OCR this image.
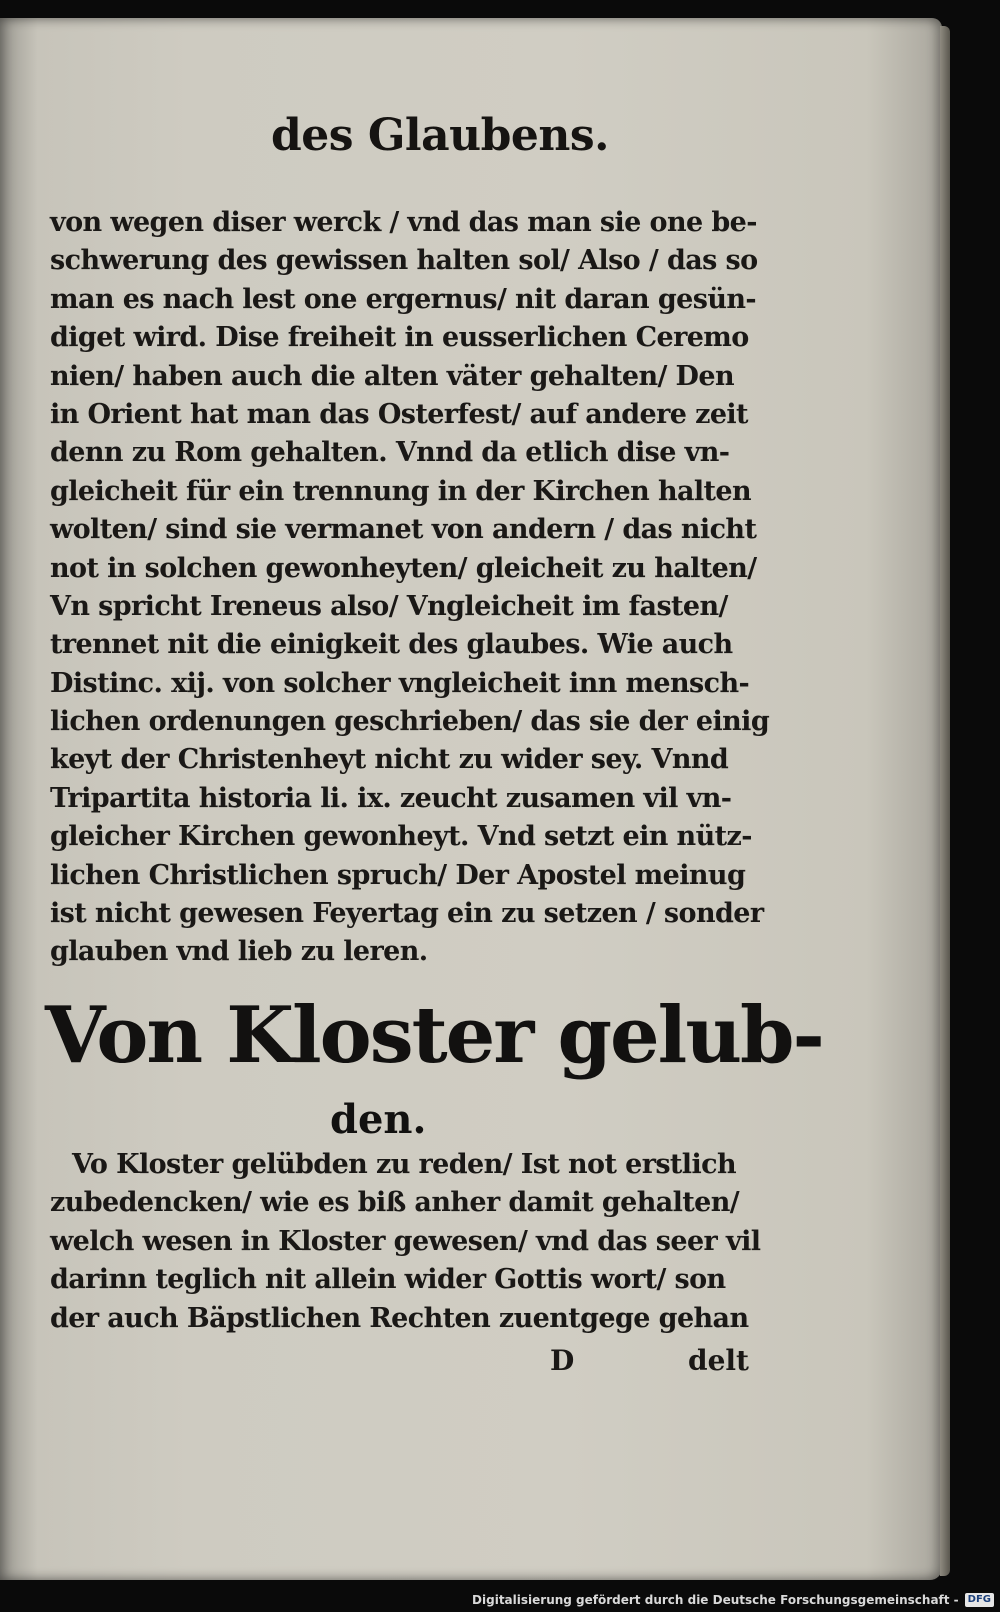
des Glaubens.
von wegen diser werck / vnd das man sie one be-
schwerung des gewissen halten sol/ Also / das so
man es nach lest one ergernus/ nit daran gesün-
diget wird. Dise freiheit in eusserlichen Ceremo
nien/ haben auch die alten väter gehalten/ Den
in Orient hat man das Osterfest/ auf andere zeit
denn zu Rom gehalten. Vnnd da etlich dise vn-
gleicheit für ein trennung in der Kirchen halten
wolten/ sind sie vermanet von andern / das nicht
not in solchen gewonheyten/ gleicheit zu halten/
Vn spricht Ireneus also/ Vngleicheit im fasten/
trennet nit die einigkeit des glaubes. Wie auch
Distinc. xij. von solcher vngleicheit inn mensch-
lichen ordenungen geschrieben/ das sie der einig
keyt der Christenheyt nicht zu wider sey. Vnnd
Tripartita historia li. ix. zeucht zusamen vil vn-
gleicher Kirchen gewonheyt. Vnd setzt ein nütz-
lichen Christlichen spruch/ Der Apostel meinug
ist nicht gewesen Feyertag ein zu setzen / sonder
glauben vnd lieb zu leren.
Von Kloster gelub-
den.
Vo Kloster gelübden zu reden/ Ist not erstlich
zubedencken/ wie es biß anher damit gehalten/
welch wesen in Kloster gewesen/ vnd das seer vil
darinn teglich nit allein wider Gottis wort/ son
der auch Bäpstlichen Rechten zuentgege gehan
D	delt
Digitalisierung gefördert durch die Deutsche Forschungsgemeinschaft - DFG
